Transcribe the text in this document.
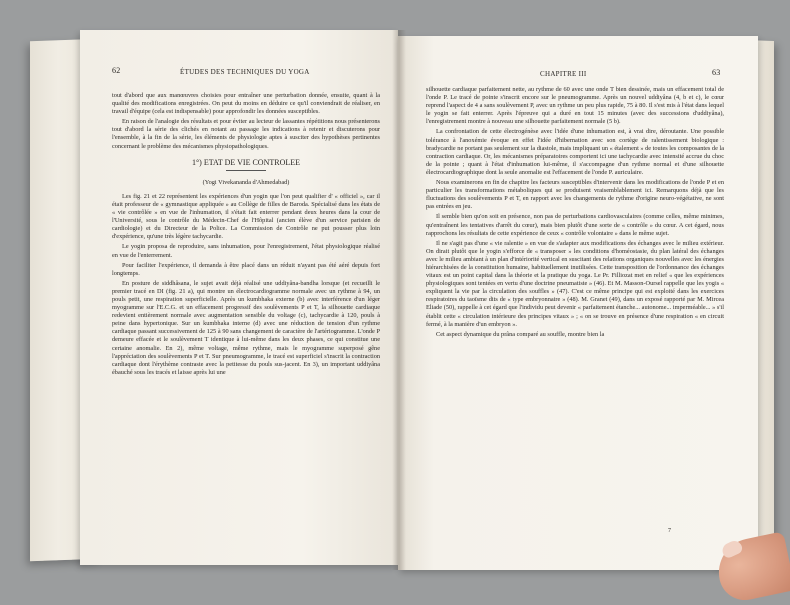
62	ÉTUDES DES TECHNIQUES DU YOGA

tout d'abord que aux manœuvres choisies pour entraîner une perturbation donnée, ensuite, quant à la qualité des modifications enregistrées. On peut du moins en déduire ce qu'il conviendrait de réaliser, en travail d'équipe (cela est indispensable) pour approfondir les données susceptibles.

En raison de l'analogie des résultats et pour éviter au lecteur de lassantes répétitions nous présenterons tout d'abord la série des clichés en notant au passage les indications à retenir et discuterons pour l'ensemble, à la fin de la série, les éléments de physiologie aptes à susciter des hypothèses pertinentes concernant le problème des mécanismes physiopathologiques.

1°) ETAT DE VIE CONTROLEE
(Yogi Vivekananda d'Ahmedabad)

Les fig. 21 et 22 représentent les expériences d'un yogin que l'on peut qualifier d' « officiel », car il était professeur de « gymnastique appliquée » au Collège de filles de Baroda. Spécialisé dans les états de « vie contrôlée » en vue de l'inhumation, il s'était fait enterrer pendant deux heures dans la cour de l'Université, sous le contrôle du Médecin-Chef de l'Hôpital (ancien élève d'un service parisien de cardiologie) et du Directeur de la Police. La Commission de Contrôle ne put pousser plus loin d'expérience, qu'une très légère tachycardie.

Le yogin proposa de reproduire, sans inhumation, pour l'enregistrement, l'état physiologique réalisé en vue de l'enterrement.

Pour faciliter l'expérience, il demanda à être placé dans un réduit n'ayant pas été aéré depuis fort longtemps.

En posture de siddhâsana, le sujet avait déjà réalisé une uddiyâna-bandha lorsque (et recueilli le premier tracé en DI (fig. 21 a), qui montre un électrocardiogramme normale avec un rythme à 94, un pouls petit, une respiration superficielle. Après un kumbhaka externe (b) avec interférence d'un léger myogramme sur l'E.C.G. et un effacement progressif des soulèvements P et T, la silhouette cardiaque redevient entièrement normale avec augmentation sensible du voltage (c), tachycardie à 120, pouls à peine dans hypertonique. Sur un kumbhaka interne (d) avec une réduction de tension d'un rythme cardiaque passant successivement de 125 à 90 sans changement de caractère de l'artériogramme. L'onde P demeure effacée et le soulèvement T identique à lui-même dans les deux phases, ce qui constitue une certaine anomalie. En 2), même voltage, même rythme, mais le myogramme superposé gêne l'appréciation des soulèvements P et T. Sur pneumogramme, le tracé est superficiel s'inscrit la contraction cardiaque dont l'érythème contraste avec la petitesse du pouls sus-jacent. En 3), un important uddiyâna ébauché sous les tracés et laisse après lui une

CHAPITRE III	63

silhouette cardiaque parfaitement nette, au rythme de 60 avec une onde T bien dessinée, mais un effacement total de l'onde P. Le tracé de pointe s'inscrit encore sur le pneumogramme. Après un nouvel uddiyâna (4, b et c), le cœur reprend l'aspect de 4 a sans soulèvement P, avec un rythme un peu plus rapide, 75 à 80. Il s'est mis à l'état dans lequel le yogin se fait enterrer. Après l'épreuve qui a duré en tout 15 minutes (avec des successions d'uddiyâna), l'enregistrement montre à nouveau une silhouette parfaitement normale (5 b).

La confrontation de cette électrogénèse avec l'idée d'une inhumation est, à vrai dire, déroutante. Une possible tolérance à l'anoxémie évoque en effet l'idée d'hibernation avec son cortège de ralentissement biologique : bradycardie ne portant pas seulement sur la diastole, mais impliquant un « étalement » de toutes les composantes de la contraction cardiaque. Or, les mécanismes préparatoires comportent ici une tachycardie avec intensité accrue du choc de la pointe ; quant à l'état d'inhumation lui-même, il s'accompagne d'un rythme normal et d'une silhouette électrocardiographique dont la seule anomalie est l'effacement de l'onde P. auriculaire.

Nous examinerons en fin de chapitre les facteurs susceptibles d'intervenir dans les modifications de l'onde P et en particulier les transformations métaboliques qui se produisent vraisemblablement ici. Remarquons déjà que les fluctuations des soulèvements P et T, en rapport avec les changements de rythme d'origine neuro-végétative, ne sont pas entrées en jeu.

Il semble bien qu'on soit en présence, non pas de perturbations cardiovasculaires (comme celles, même minimes, qu'entraînent les tentatives d'arrêt du cœur), mais bien plutôt d'une sorte de « contrôle » du cœur. A cet égard, nous rapprochons les résultats de cette expérience de ceux « contrôle volontaire » dans le même sujet.

Il ne s'agit pas d'une « vie ralentie » en vue de s'adapter aux modifications des échanges avec le milieu extérieur. On dirait plutôt que le yogin s'efforce de « transposer » les conditions d'homéostasie, du plan latéral des échanges avec le milieu ambiant à un plan d'intériorité vertical en suscitant des relations organiques nouvelles avec les énergies hiérarchisées de la constitution humaine, habituellement inutilisées. Cette transposition de l'ordonnance des échanges vitaux est un point capital dans la théorie et la pratique du yoga. Le Pr. Filliozat met en relief « que les expériences physiologiques sont tentées en vertu d'une doctrine pneumatiste » (46). Et M. Masson-Oursel rappelle que les yogis « expliquent la vie par la circulation des souffles » (47). C'est ce même principe qui est exploité dans les exercices respiratoires du taoïsme dits de « type embryonnaire » (48). M. Granet (49), dans un exposé rapporté par M. Mircea Eliade (50), rappelle à cet égard que l'individu peut devenir « parfaitement étanche... autonome... imperméable... » s'il établit cette « circulation intérieure des principes vitaux » ; « on se trouve en présence d'une respiration « en circuit fermé, à la manière d'un embryon ».

Cet aspect dynamique du prâna comparé au souffle, montre bien la

7
